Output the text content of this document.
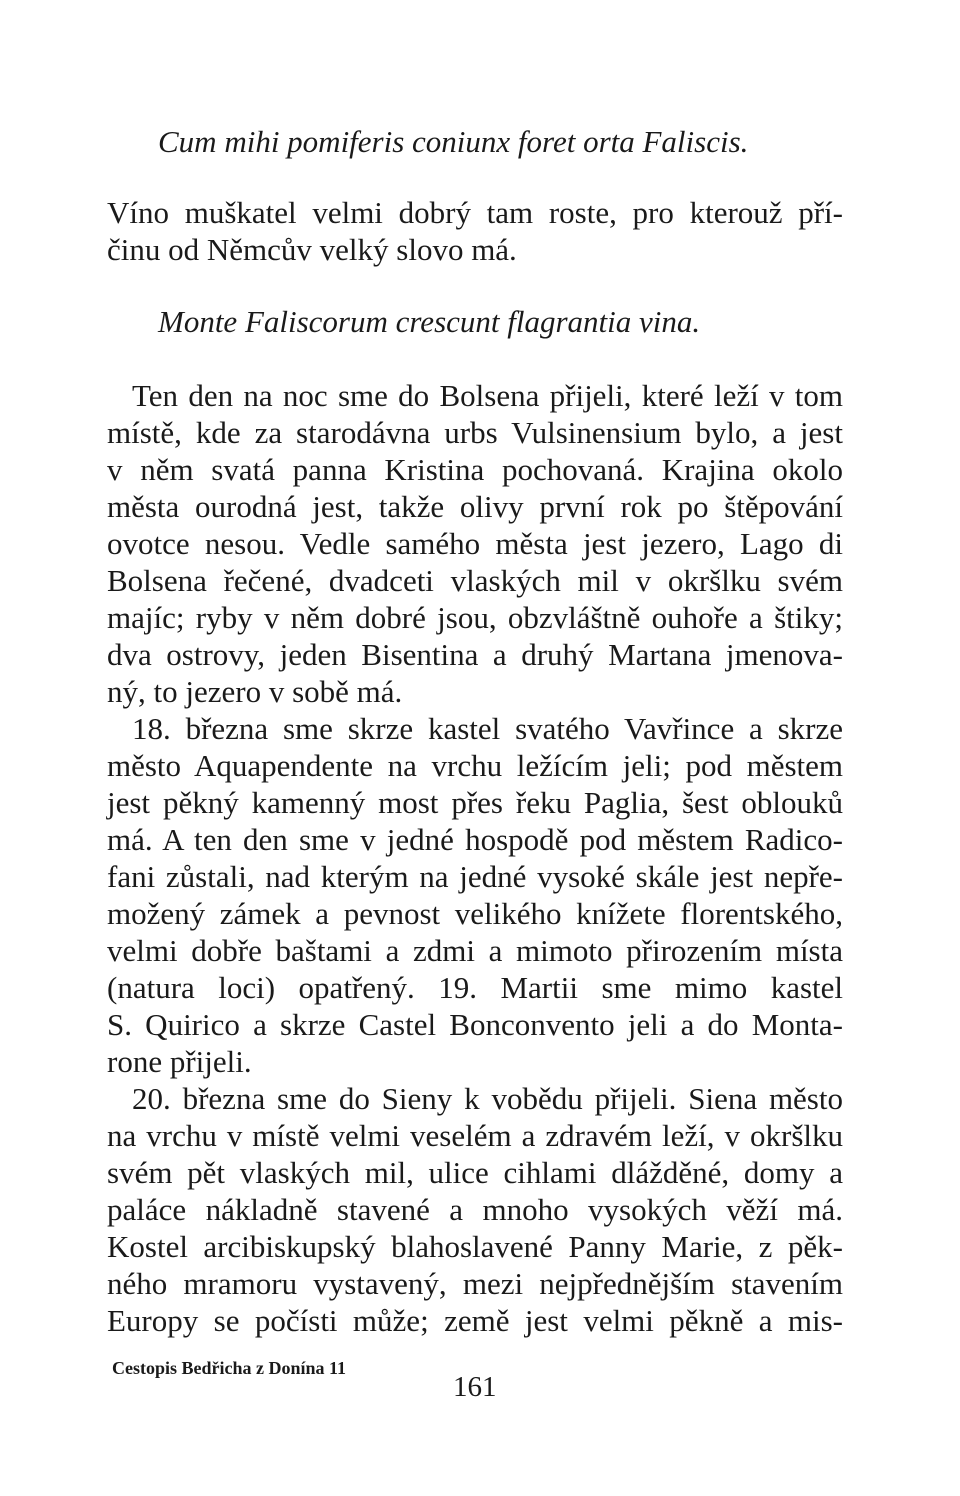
Cum mihi pomiferis coniunx foret orta Faliscis.
Víno muškatel velmi dobrý tam roste, pro kterouž pří-
činu od Němcův velký slovo má.
Monte Faliscorum crescunt flagrantia vina.
Ten den na noc sme do Bolsena přijeli, které leží v tom
místě, kde za starodávna urbs Vulsinensium bylo, a jest
v něm svatá panna Kristina pochovaná. Krajina okolo
města ourodná jest, takže olivy první rok po štěpování
ovotce nesou. Vedle samého města jest jezero, Lago di
Bolsena řečené, dvadceti vlaských mil v okršlku svém
majíc; ryby v něm dobré jsou, obzvláštně ouhoře a štiky;
dva ostrovy, jeden Bisentina a druhý Martana jmenova-
ný, to jezero v sobě má.
18. března sme skrze kastel svatého Vavřince a skrze
město Aquapendente na vrchu ležícím jeli; pod městem
jest pěkný kamenný most přes řeku Paglia, šest oblouků
má. A ten den sme v jedné hospodě pod městem Radico-
fani zůstali, nad kterým na jedné vysoké skále jest nepře-
možený zámek a pevnost velikého knížete florentského,
velmi dobře baštami a zdmi a mimoto přirozením místa
(natura loci) opatřený. 19. Martii sme mimo kastel
S. Quirico a skrze Castel Bonconvento jeli a do Monta-
rone přijeli.
20. března sme do Sieny k vobědu přijeli. Siena město
na vrchu v místě velmi veselém a zdravém leží, v okršlku
svém pět vlaských mil, ulice cihlami dlážděné, domy a
paláce nákladně stavené a mnoho vysokých věží má.
Kostel arcibiskupský blahoslavené Panny Marie, z pěk-
ného mramoru vystavený, mezi nejpřednějším stavením
Europy se počísti může; země jest velmi pěkně a mis-
Cestopis Bedřicha z Donína 11
161
